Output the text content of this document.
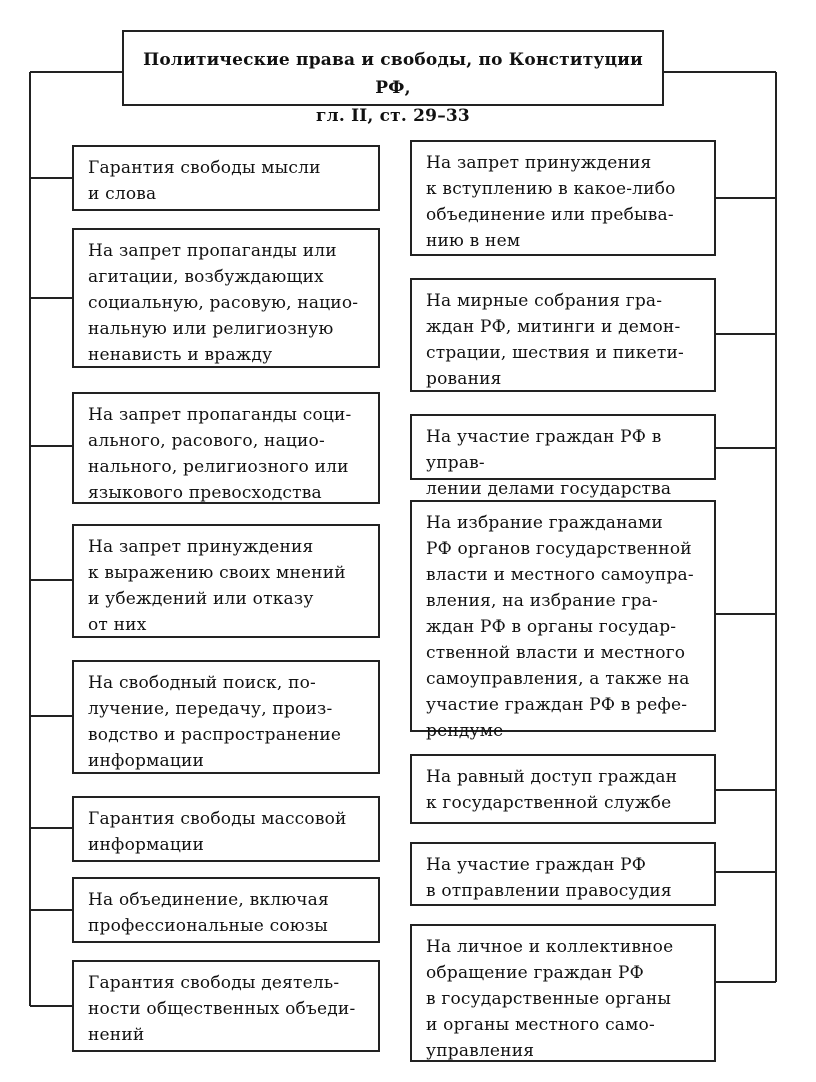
Политические права и свободы, по Конституции РФ,
гл. II, ст. 29–33
Гарантия свободы мысли
и слова
На запрет пропаганды или
агитации, возбуждающих
социальную, расовую, нацио-
нальную или религиозную
ненависть и вражду
На запрет пропаганды соци-
ального, расового, нацио-
нального, религиозного или
языкового превосходства
На запрет принуждения
к выражению своих мнений
и убеждений или отказу
от них
На свободный поиск, по-
лучение, передачу, произ-
водство и распространение
информации
Гарантия свободы массовой
информации
На объединение, включая
профессиональные союзы
Гарантия свободы деятель-
ности общественных объеди-
нений
На запрет принуждения
к вступлению в какое-либо
объединение или пребыва-
нию в нем
На мирные собрания гра-
ждан РФ, митинги и демон-
страции, шествия и пикети-
рования
На участие граждан РФ в управ-
лении делами государства
На избрание гражданами
РФ органов государственной
власти и местного самоупра-
вления, на избрание гра-
ждан РФ в органы государ-
ственной власти и местного
самоуправления, а также на
участие граждан РФ в рефе-
рендуме
На равный доступ граждан
к государственной службе
На участие граждан РФ
в отправлении правосудия
На личное и коллективное
обращение граждан РФ
в государственные органы
и органы местного само-
управления
